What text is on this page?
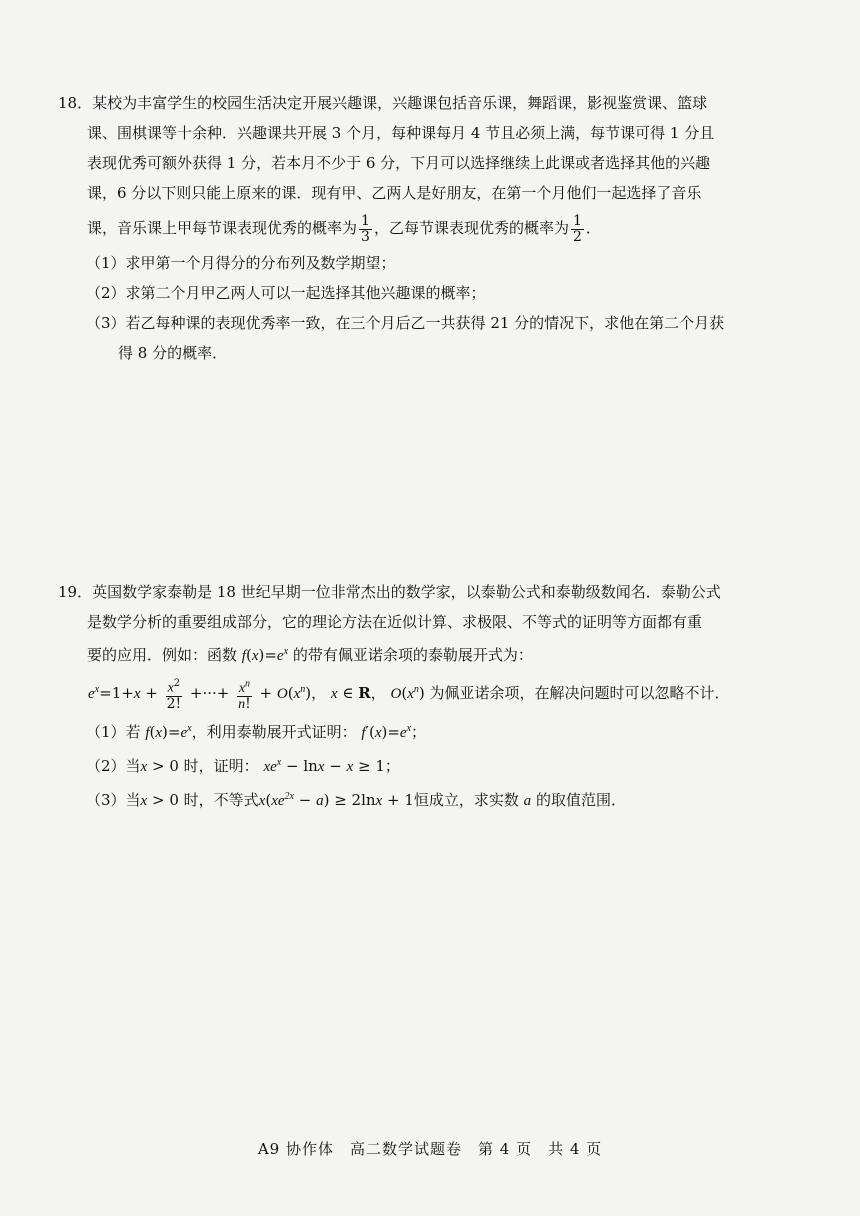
18．某校为丰富学生的校园生活决定开展兴趣课，兴趣课包括音乐课，舞蹈课，影视鉴赏课、篮球
课、围棋课等十余种．兴趣课共开展 3 个月，每种课每月 4 节且必须上满，每节课可得 1 分且
表现优秀可额外获得 1 分，若本月不少于 6 分，下月可以选择继续上此课或者选择其他的兴趣
课，6 分以下则只能上原来的课．现有甲、乙两人是好朋友，在第一个月他们一起选择了音乐
课，音乐课上甲每节课表现优秀的概率为 $\frac{1}{3}$ ，乙每节课表现优秀的概率为 $\frac{1}{2}$ ．
（1）求甲第一个月得分的分布列及数学期望；
（2）求第二个月甲乙两人可以一起选择其他兴趣课的概率；
（3）若乙每种课的表现优秀率一致，在三个月后乙一共获得 21 分的情况下，求他在第二个月获
得 8 分的概率．
19．英国数学家泰勒是 18 世纪早期一位非常杰出的数学家，以泰勒公式和泰勒级数闻名．泰勒公式
是数学分析的重要组成部分，它的理论方法在近似计算、求极限、不等式的证明等方面都有重
要的应用．例如：函数 $f(x)=e^x$ 的带有佩亚诺余项的泰勒展开式为：
$e^x=1+x + \frac{x^2}{2!}$ +···+ $\frac{x^n}{n!} + O(x^n)$， x ∈ R， $O(x^n)$ 为佩亚诺余项，在解决问题时可以忽略不计．
（1）若 $f(x)=e^x$，利用泰勒展开式证明： $f'(x)=e^x$；
（2）当x > 0 时，证明： $xe^x - \ln x - x \ge 1$；
（3）当x > 0 时，不等式$x(xe^{2x} - a) \ge 2\ln x + 1$恒成立，求实数 a 的取值范围．
A9 协作体　高二数学试题卷　第 4 页　共 4 页
